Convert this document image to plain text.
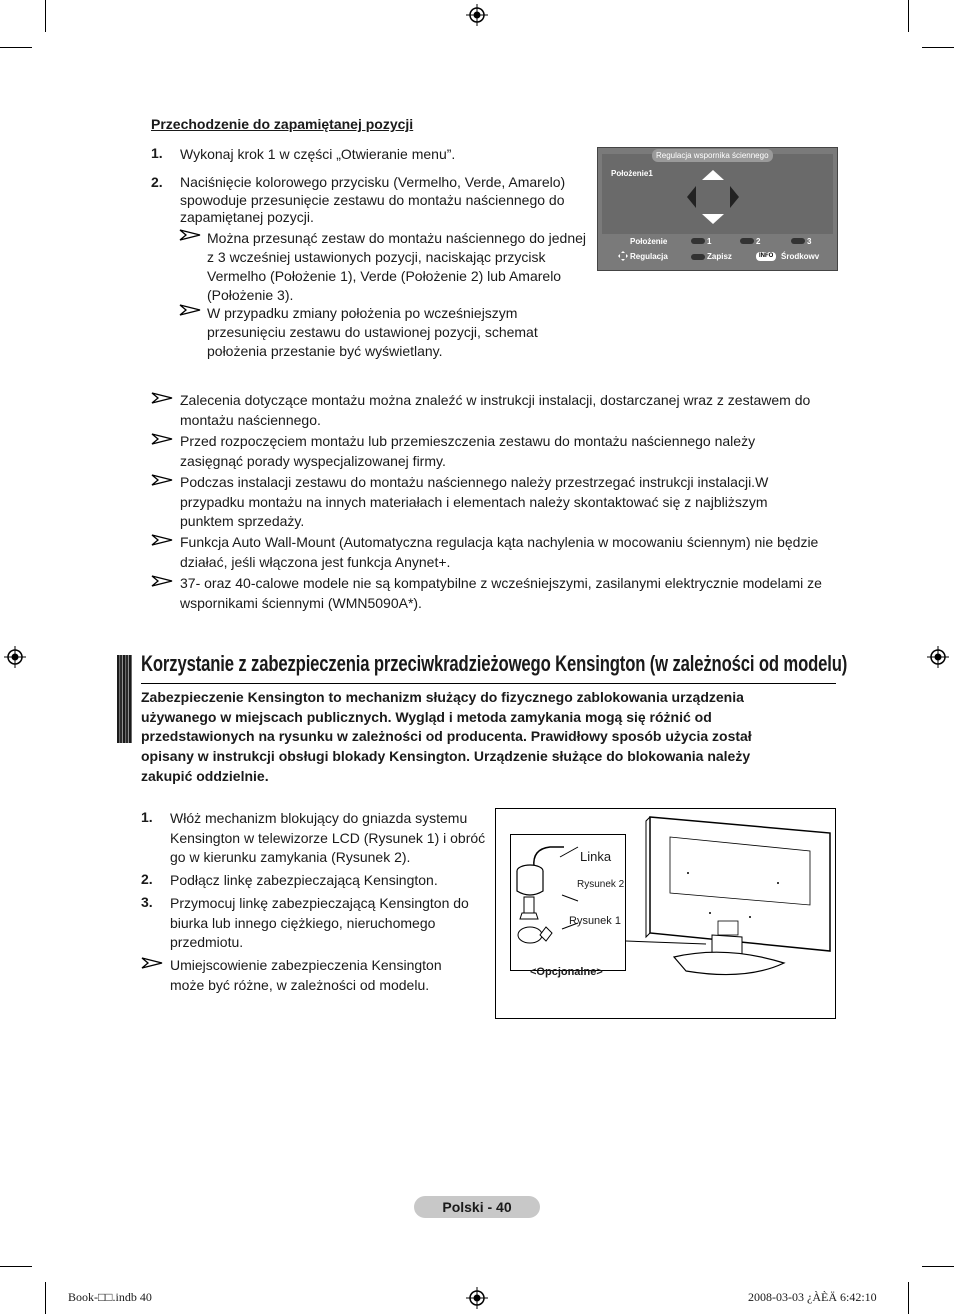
Przechodzenie do zapamiętanej pozycji
1. Wykonaj krok 1 w części „Otwieranie menu”.
2. Naciśnięcie kolorowego przycisku (Vermelho, Verde, Amarelo) spowoduje przesunięcie zestawu do montażu naściennego do zapamiętanej pozycji.
Można przesunąć zestaw do montażu naściennego do jednej z 3 wcześniej ustawionych pozycji, naciskając przycisk Vermelho (Położenie 1), Verde (Położenie 2) lub Amarelo (Położenie 3).
W przypadku zmiany położenia po wcześniejszym przesunięciu zestawu do ustawionej pozycji, schemat położenia przestanie być wyświetlany.
Regulacja wspornika ściennego
Położenie1
Położenie	1	2	3
Regulacja	Zapisz	INFO Środkowv
Zalecenia dotyczące montażu można znaleźć w instrukcji instalacji, dostarczanej wraz z zestawem do montażu naściennego.
Przed rozpoczęciem montażu lub przemieszczenia zestawu do montażu naściennego należy zasięgnąć porady wyspecjalizowanej firmy.
Podczas instalacji zestawu do montażu naściennego należy przestrzegać instrukcji instalacji.W przypadku montażu na innych materiałach i elementach należy skontaktować się z najbliższym punktem sprzedaży.
Funkcja Auto Wall-Mount (Automatyczna regulacja kąta nachylenia w mocowaniu ściennym) nie będzie działać, jeśli włączona jest funkcja Anynet+.
37- oraz 40-calowe modele nie są kompatybilne z wcześniejszymi, zasilanymi elektrycznie modelami ze wspornikami ściennymi (WMN5090A*).
Korzystanie z zabezpieczenia przeciwkradzieżowego Kensington (w zależności od modelu)
Zabezpieczenie Kensington to mechanizm służący do fizycznego zablokowania urządzenia używanego w miejscach publicznych. Wygląd i metoda zamykania mogą się różnić od przedstawionych na rysunku w zależności od producenta. Prawidłowy sposób użycia został opisany w instrukcji obsługi blokady Kensington. Urządzenie służące do blokowania należy zakupić oddzielnie.
1. Włóż mechanizm blokujący do gniazda systemu Kensington w telewizorze LCD (Rysunek 1) i obróć go w kierunku zamykania (Rysunek 2).
2. Podłącz linkę zabezpieczającą Kensington.
3. Przymocuj linkę zabezpieczającą Kensington do biurka lub innego ciężkiego, nieruchomego przedmiotu.
Umiejscowienie zabezpieczenia Kensington może być różne, w zależności od modelu.
Linka
Rysunek 2
Rysunek 1
<Opcjonalne>
Polski - 40
Book-□□.indb 40	2008-03-03 ¿ÀÈÄ 6:42:10
